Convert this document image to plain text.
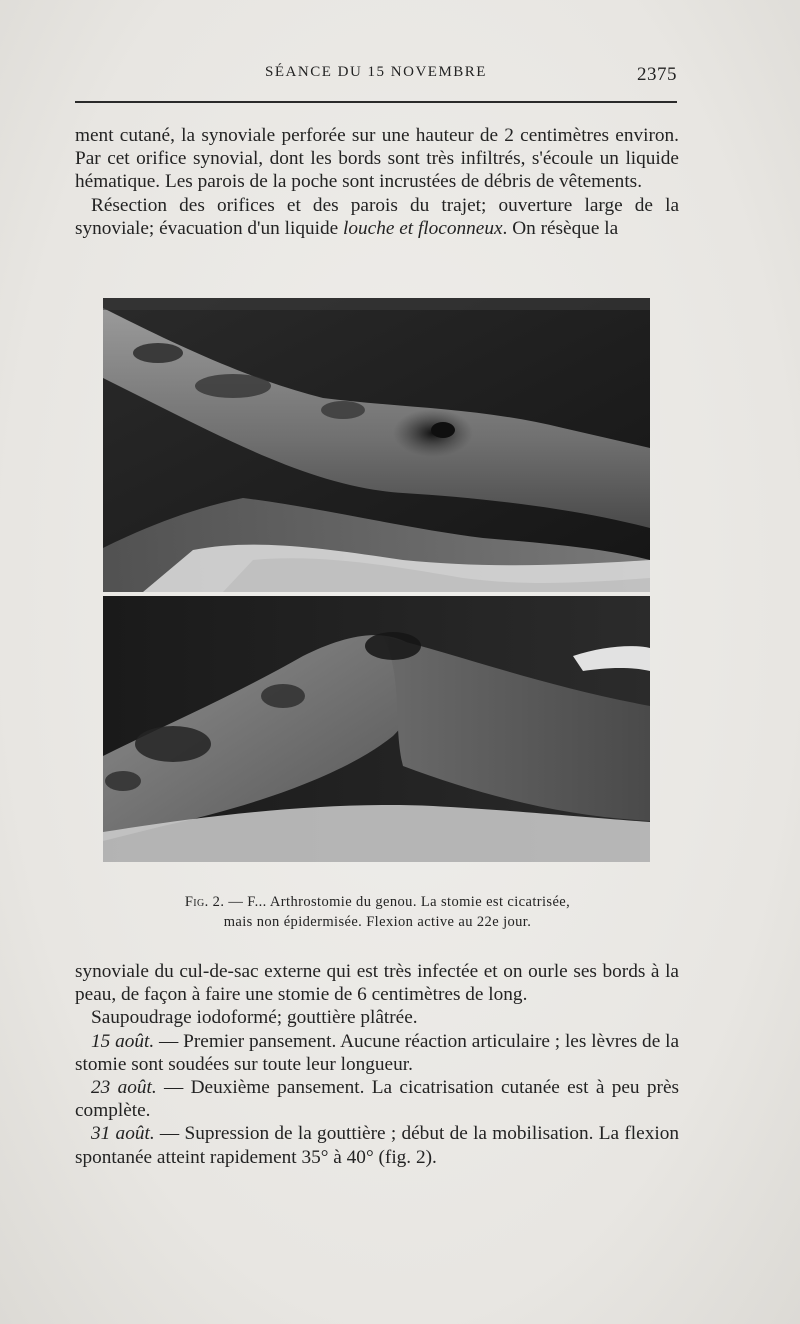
SÉANCE DU 15 NOVEMBRE	2375

ment cutané, la synoviale perforée sur une hauteur de 2 centimètres environ. Par cet orifice synovial, dont les bords sont très infiltrés, s'écoule un liquide hématique. Les parois de la poche sont incrustées de débris de vêtements.

Résection des orifices et des parois du trajet; ouverture large de la synoviale; évacuation d'un liquide louche et floconneux. On résèque la

Fig. 2. — F... Arthrostomie du genou. La stomie est cicatrisée,
mais non épidermisée. Flexion active au 22e jour.

synoviale du cul-de-sac externe qui est très infectée et on ourle ses bords à la peau, de façon à faire une stomie de 6 centimètres de long.

Saupoudrage iodoformé; gouttière plâtrée.

15 août. — Premier pansement. Aucune réaction articulaire ; les lèvres de la stomie sont soudées sur toute leur longueur.

23 août. — Deuxième pansement. La cicatrisation cutanée est à peu près complète.

31 août. — Supression de la gouttière ; début de la mobilisation. La flexion spontanée atteint rapidement 35° à 40° (fig. 2).
